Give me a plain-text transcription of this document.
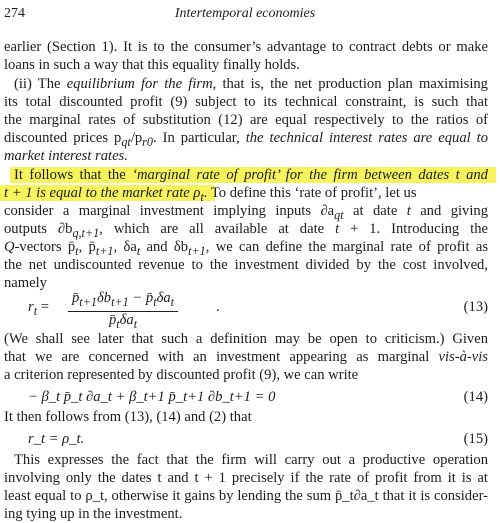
274	Intertemporal economies
earlier (Section 1). It is to the consumer’s advantage to contract debts or make
loans in such a way that this equality finally holds.
(ii) The equilibrium for the firm, that is, the net production plan maximising
its total discounted profit (9) subject to its technical constraint, is such that
the marginal rates of substitution (12) are equal respectively to the ratios of
discounted prices $p_{qt}/p_{r0}$. In particular, the technical interest rates are equal to
market interest rates.
It follows that the ‘marginal rate of profit’ for the firm between dates t and
t + 1 is equal to the market rate $\rho_t$. To define this ‘rate of profit’, let us
consider a marginal investment implying inputs $\partial a_{qt}$ at date t and giving
outputs $\partial b_{q,t+1}$, which are all available at date t + 1. Introducing the
Q-vectors $p̄_t$, $p̄_{t+1}$, $\delta a_t$ and $\delta b_{t+1}$, we can define the marginal rate of profit as
the net undiscounted revenue to the investment divided by the cost involved,
namely
$r_t$ =
$p̄_{t+1}\delta b_{t+1}$ − $p̄_t\delta a_t$
$p̄_t\delta a_t$
.	(13)
(We shall see later that such a definition may be open to criticism.) Given
that we are concerned with an investment appearing as marginal vis-à-vis
a criterion represented by discounted profit (9), we can write
− β_t p̄_t ∂a_t + β_t+1 p̄_t+1 ∂b_t+1 = 0	(14)
It then follows from (13), (14) and (2) that
r_t = ρ_t.	(15)
This expresses the fact that the firm will carry out a productive operation
involving only the dates t and t + 1 precisely if the rate of profit from it is at
least equal to ρ_t, otherwise it gains by lending the sum p̄_t∂a_t that it is consider-
ing tying up in the investment.
